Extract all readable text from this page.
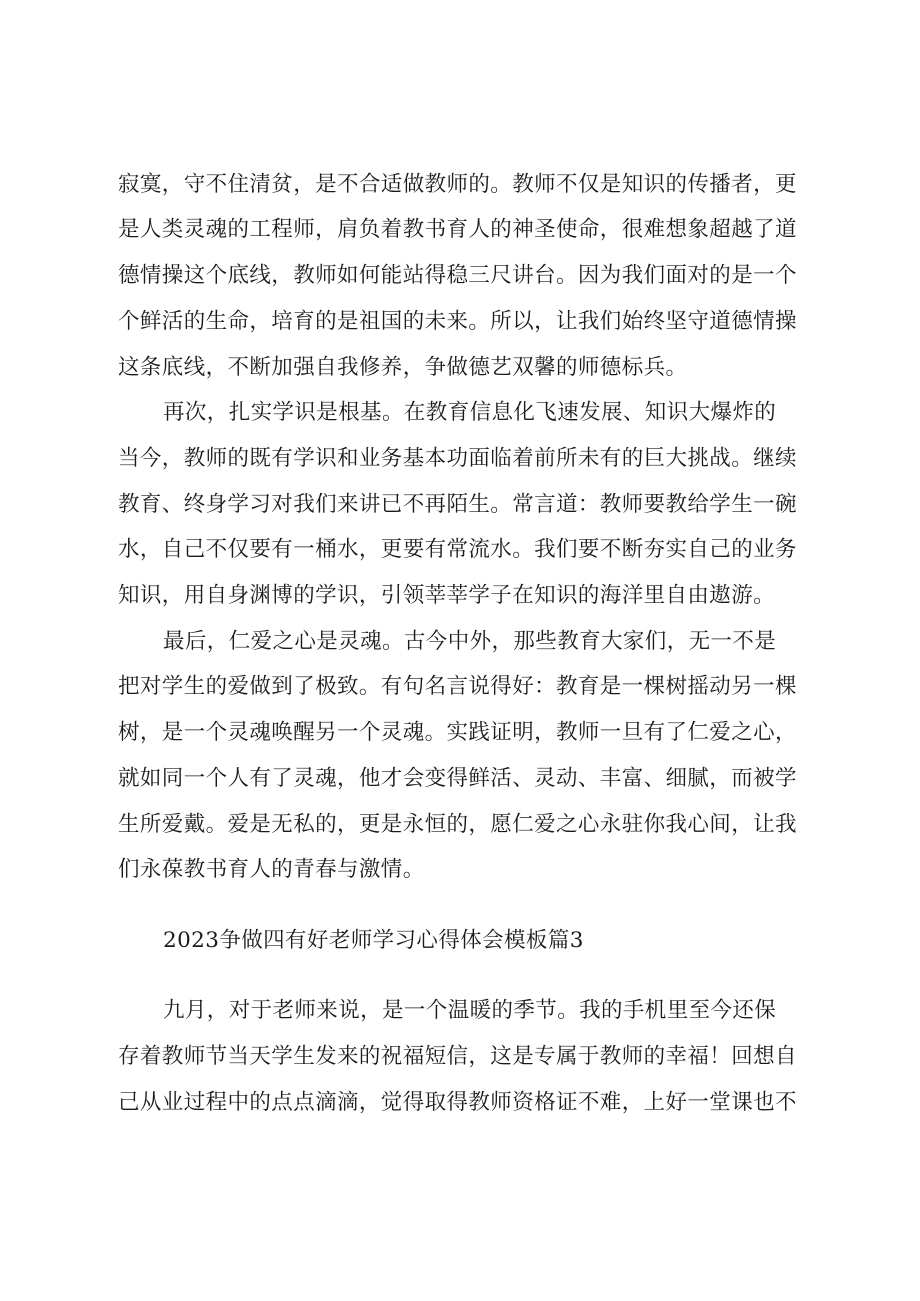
寂寞，守不住清贫，是不合适做教师的。教师不仅是知识的传播者，更
是人类灵魂的工程师，肩负着教书育人的神圣使命，很难想象超越了道
德情操这个底线，教师如何能站得稳三尺讲台。因为我们面对的是一个
个鲜活的生命，培育的是祖国的未来。所以，让我们始终坚守道德情操
这条底线，不断加强自我修养，争做德艺双馨的师德标兵。
再次，扎实学识是根基。在教育信息化飞速发展、知识大爆炸的
当今，教师的既有学识和业务基本功面临着前所未有的巨大挑战。继续
教育、终身学习对我们来讲已不再陌生。常言道：教师要教给学生一碗
水，自己不仅要有一桶水，更要有常流水。我们要不断夯实自己的业务
知识，用自身渊博的学识，引领莘莘学子在知识的海洋里自由遨游。
最后，仁爱之心是灵魂。古今中外，那些教育大家们，无一不是
把对学生的爱做到了极致。有句名言说得好：教育是一棵树摇动另一棵
树，是一个灵魂唤醒另一个灵魂。实践证明，教师一旦有了仁爱之心，
就如同一个人有了灵魂，他才会变得鲜活、灵动、丰富、细腻，而被学
生所爱戴。爱是无私的，更是永恒的，愿仁爱之心永驻你我心间，让我
们永葆教书育人的青春与激情。
2023争做四有好老师学习心得体会模板篇3
九月，对于老师来说，是一个温暖的季节。我的手机里至今还保
存着教师节当天学生发来的祝福短信，这是专属于教师的幸福！回想自
己从业过程中的点点滴滴，觉得取得教师资格证不难，上好一堂课也不
